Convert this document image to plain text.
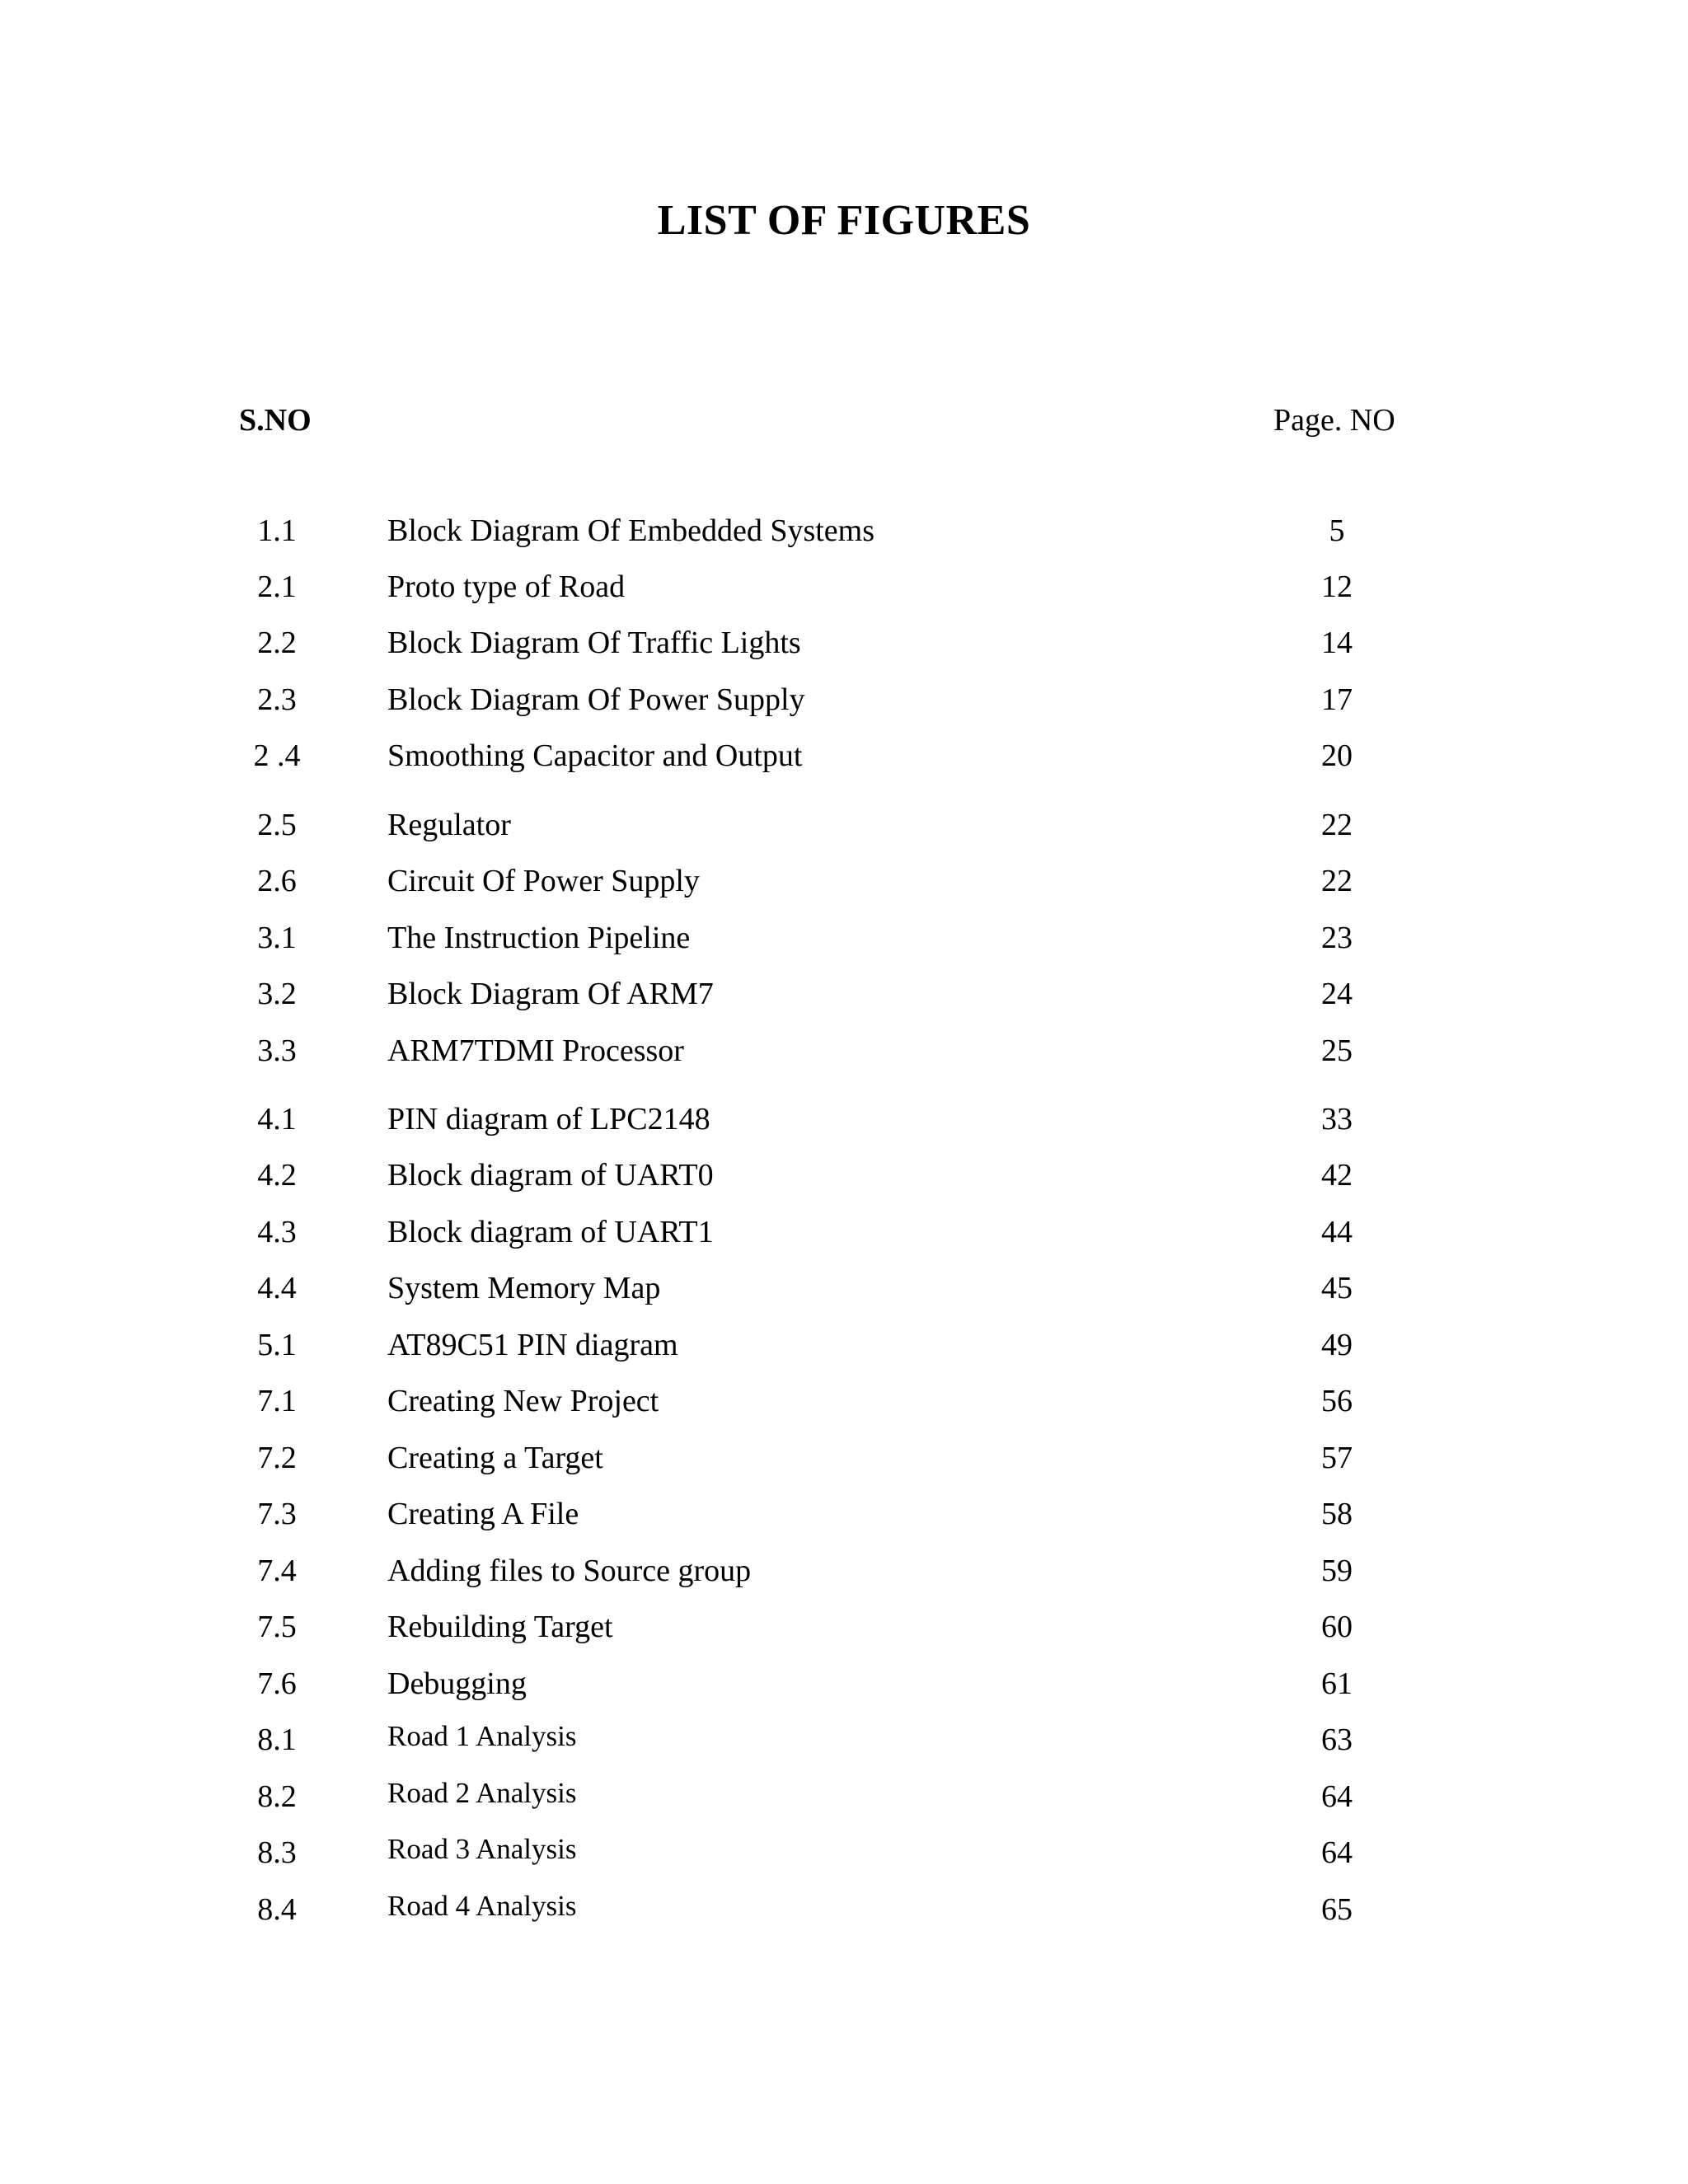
LIST OF FIGURES
S.NO	Page. NO
1.1	Block Diagram Of Embedded Systems	5
2.1	Proto type of Road	12
2.2	Block Diagram Of Traffic Lights	14
2.3	Block Diagram Of Power Supply	17
2 .4	Smoothing Capacitor and Output	20
2.5	Regulator	22
2.6	Circuit Of Power Supply	22
3.1	The Instruction Pipeline	23
3.2	Block Diagram Of ARM7	24
3.3	ARM7TDMI Processor	25
4.1	PIN diagram of LPC2148	33
4.2	Block diagram of UART0	42
4.3	Block diagram of UART1	44
4.4	System Memory Map	45
5.1	AT89C51 PIN diagram	49
7.1	Creating New Project	56
7.2	Creating a Target	57
7.3	Creating A File	58
7.4	Adding files to Source group	59
7.5	Rebuilding Target	60
7.6	Debugging	61
8.1	Road 1 Analysis	63
8.2	Road 2 Analysis	64
8.3	Road 3 Analysis	64
8.4	Road 4 Analysis	65
